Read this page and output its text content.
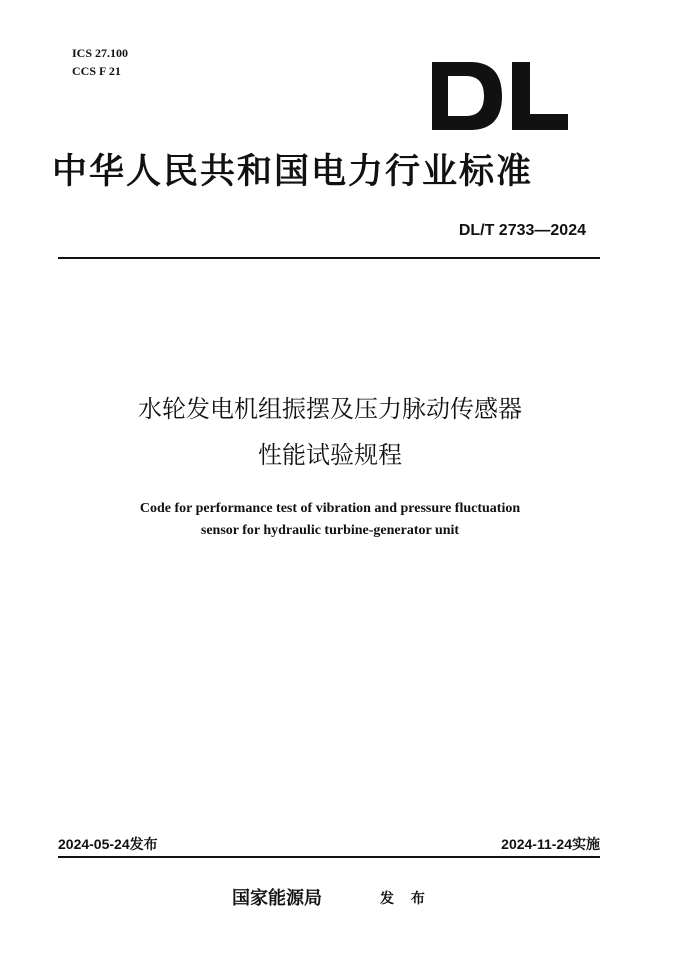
ICS 27.100
CCS F 21
中华人民共和国电力行业标准
DL/T 2733—2024
水轮发电机组振摆及压力脉动传感器
性能试验规程
Code for performance test of vibration and pressure fluctuation
sensor for hydraulic turbine-generator unit
2024-05-24发布	2024-11-24实施
国家能源局	发 布
